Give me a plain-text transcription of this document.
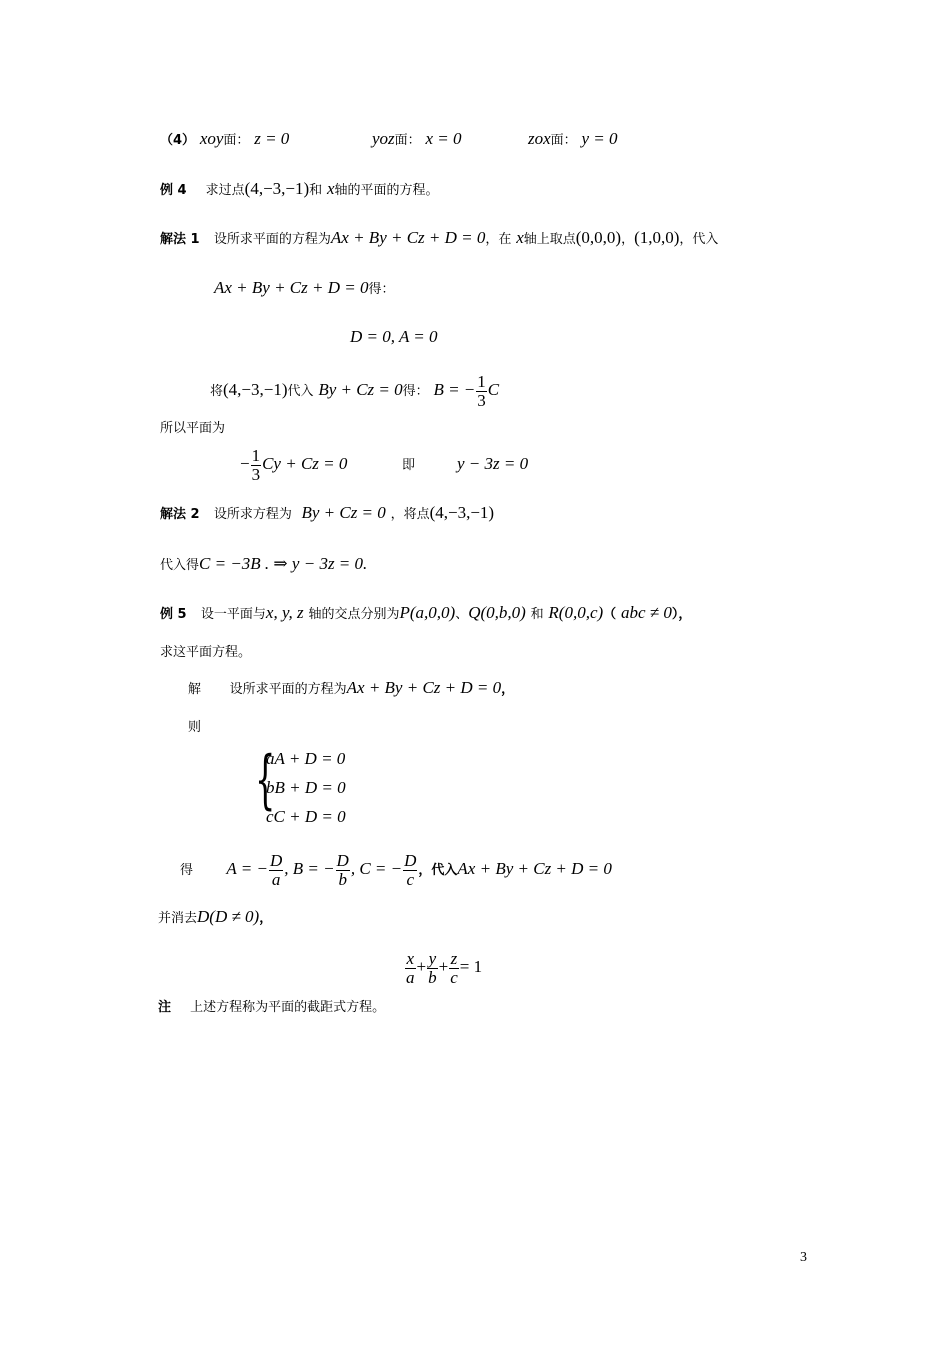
（4） xoy面： z = 0	yoz面： x = 0	zox面： y = 0
例 4 求过点(4,−3,−1)和 x轴的平面的方程。
解法 1 设所求平面的方程为Ax + By + Cz + D = 0，在 x轴上取点(0,0,0)，(1,0,0)，代入
Ax + By + Cz + D = 0得：
D = 0, A = 0
将(4,−3,−1)代入 By + Cz = 0得： B = − $\frac{1}{3}$ C
所以平面为
− $\frac{1}{3}$ Cy + Cz = 0	即 y − 3z = 0
解法 2 设所求方程为 By + Cz = 0 ，将点(4,−3,−1)
代入得C = −3B . ⇒ y − 3z = 0.
例 5 设一平面与x, y, z 轴的交点分别为P(a,0,0)、Q(0,b,0) 和 R(0,0,c)（ abc ≠ 0），
求这平面方程。
解 设所求平面的方程为Ax + By + Cz + D = 0，
则
{
aA + D = 0
bB + D = 0
cC + D = 0
得 A = − $\frac{D}{a}$ , B = − $\frac{D}{b}$ , C = − $\frac{D}{c}$ ，代入Ax + By + Cz + D = 0
并消去D(D ≠ 0)，
$\frac{x}{a} + \frac{y}{b} + \frac{z}{c} = 1$
注 上述方程称为平面的截距式方程。
3
